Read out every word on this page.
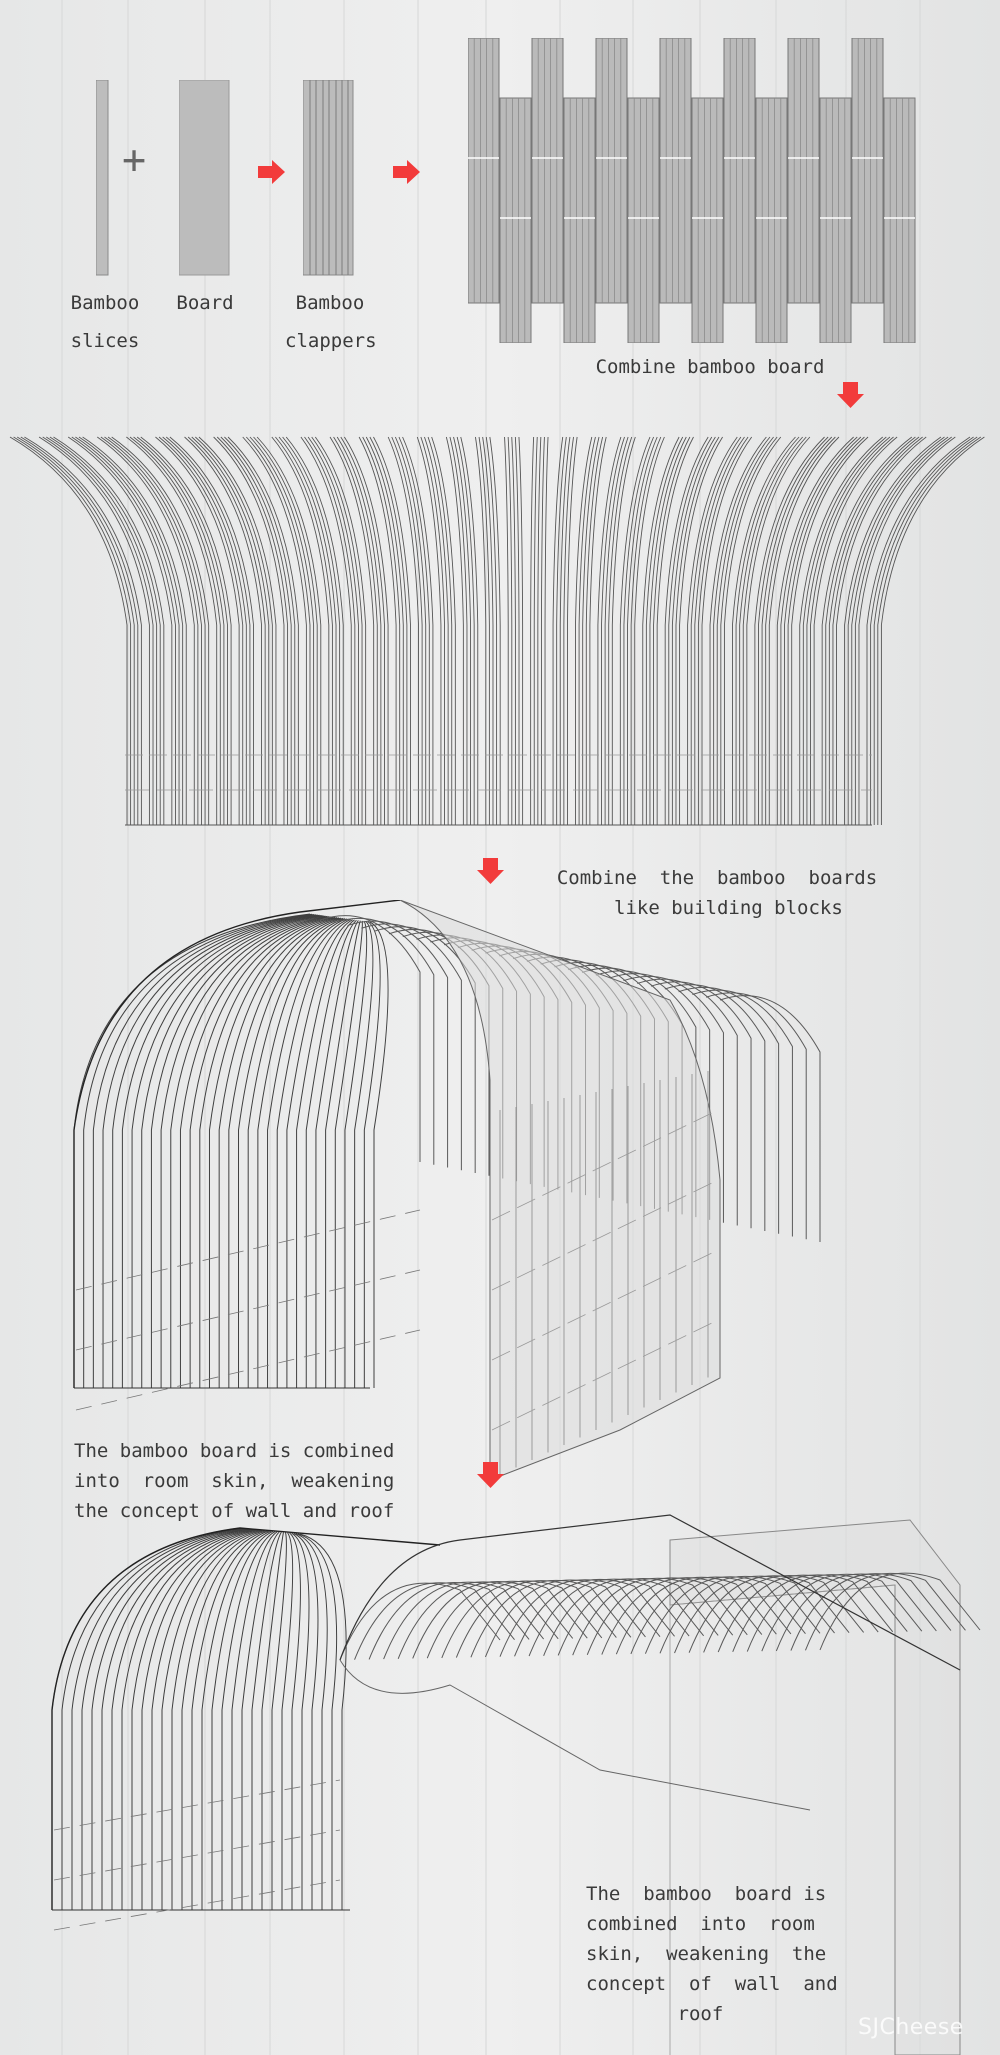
+
Bamboo
slices
Board	Bamboo
clappers
Combine bamboo board
Combine  the  bamboo  boards
like building blocks
The bamboo board is combined
into  room  skin,  weakening
the concept of wall and roof
The  bamboo  board is
combined  into  room
skin,  weakening  the
concept  of  wall  and
roof
SJCheese
